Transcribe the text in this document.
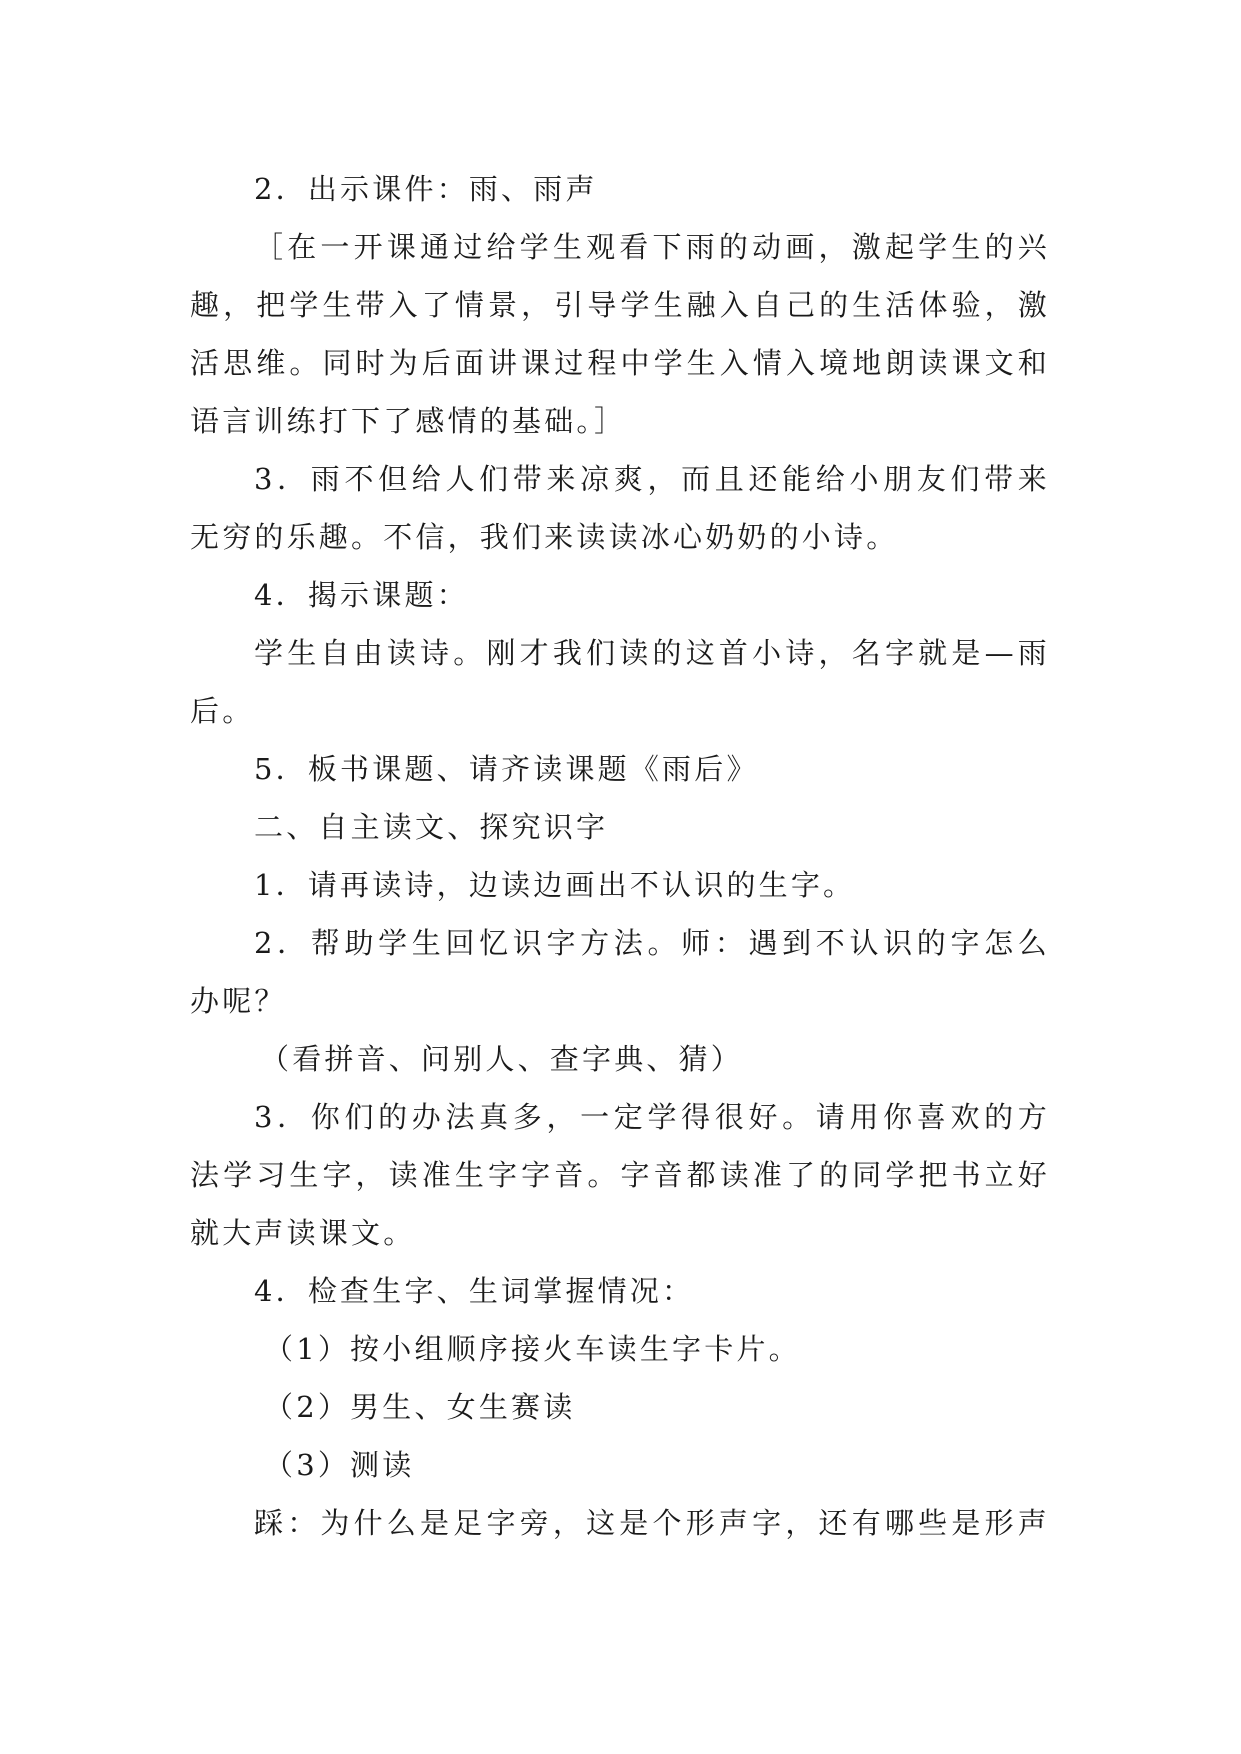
2．出示课件：雨、雨声
［在一开课通过给学生观看下雨的动画，激起学生的兴
趣，把学生带入了情景，引导学生融入自己的生活体验，激
活思维。同时为后面讲课过程中学生入情入境地朗读课文和
语言训练打下了感情的基础。］
3．雨不但给人们带来凉爽，而且还能给小朋友们带来
无穷的乐趣。不信，我们来读读冰心奶奶的小诗。
4．揭示课题：
学生自由读诗。刚才我们读的这首小诗，名字就是—雨
后。
5．板书课题、请齐读课题《雨后》
二、自主读文、探究识字
1．请再读诗，边读边画出不认识的生字。
2．帮助学生回忆识字方法。师：遇到不认识的字怎么
办呢？
（看拼音、问别人、查字典、猜）
3．你们的办法真多，一定学得很好。请用你喜欢的方
法学习生字，读准生字字音。字音都读准了的同学把书立好
就大声读课文。
4．检查生字、生词掌握情况：
（1）按小组顺序接火车读生字卡片。
（2）男生、女生赛读
（3）测读
踩：为什么是足字旁，这是个形声字，还有哪些是形声
